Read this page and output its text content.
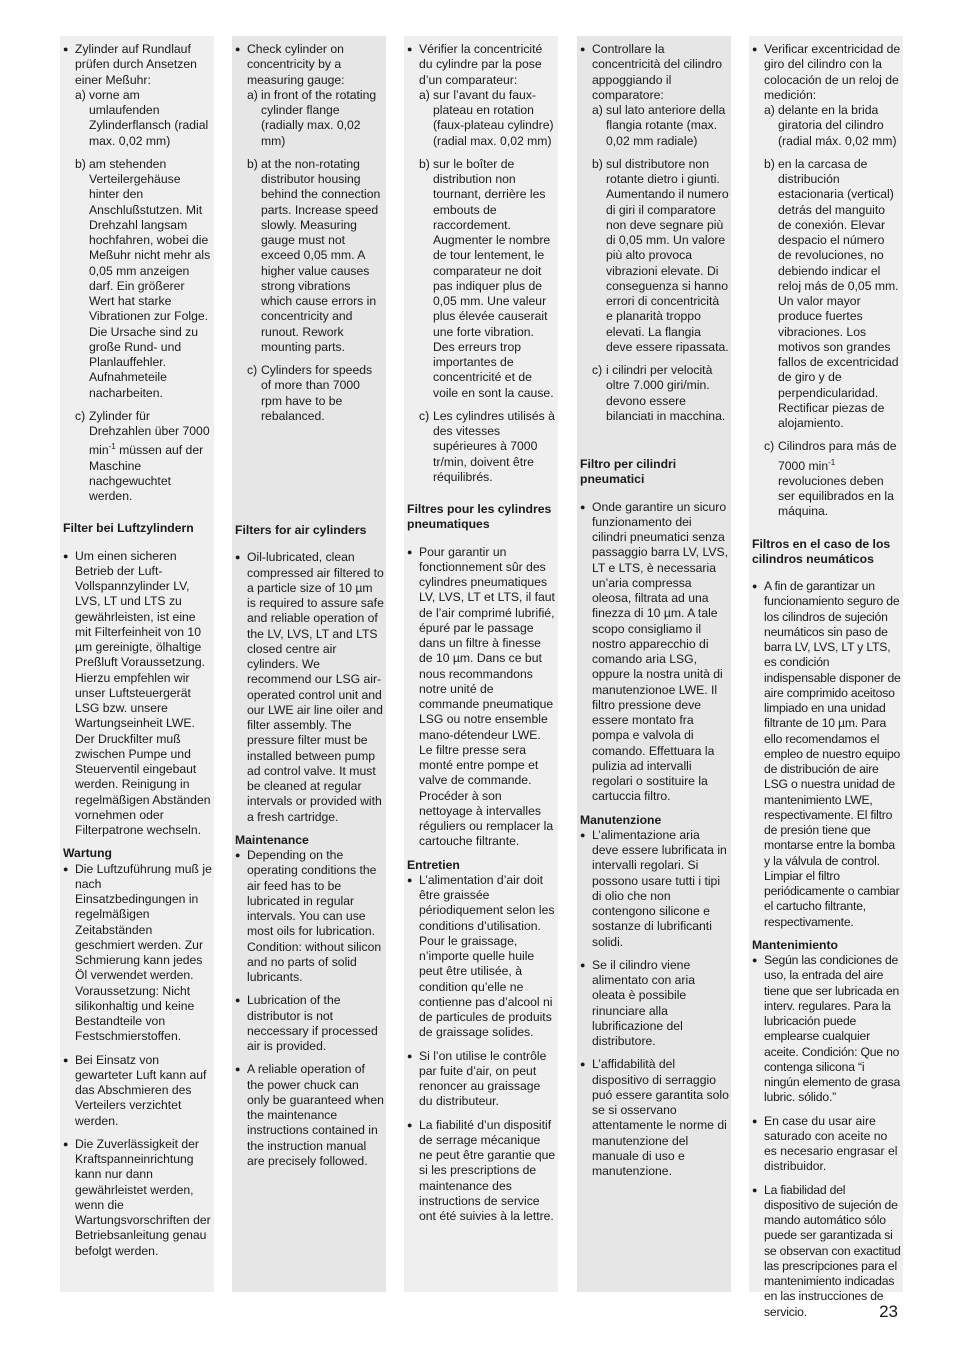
● Zylinder auf Rundlauf prüfen durch Ansetzen einer Meßuhr:
a) vorne am umlaufenden Zylinderflansch (radial max. 0,02 mm)
b) am stehenden Verteilergehäuse hinter den Anschlußstutzen. Mit Drehzahl langsam hochfahren, wobei die Meßuhr nicht mehr als 0,05 mm anzeigen darf. Ein größerer Wert hat starke Vibrationen zur Folge. Die Ursache sind zu große Rund- und Planlauffehler. Aufnahmeteile nacharbeiten.
c) Zylinder für Drehzahlen über 7000 $\min^{-1}$ müssen auf der Maschine nachgewuchtet werden.
Filter bei Luftzylindern
● Um einen sicheren Betrieb der Luft-Vollspannzylinder LV, LVS, LT und LTS zu gewährleisten, ist eine mit Filterfeinheit von 10 µm gereinigte, ölhaltige Preßluft Voraussetzung. Hierzu empfehlen wir unser Luftsteuergerät LSG bzw. unsere Wartungseinheit LWE. Der Druckfilter muß zwischen Pumpe und Steuerventil eingebaut werden. Reinigung in regelmäßigen Abständen vornehmen oder Filterpatrone wechseln.
Wartung
● Die Luftzuführung muß je nach Einsatzbedingungen in regelmäßigen Zeitabständen geschmiert werden. Zur Schmierung kann jedes Öl verwendet werden. Voraussetzung: Nicht silikonhaltig und keine Bestandteile von Festschmierstoffen.
● Bei Einsatz von gewarteter Luft kann auf das Abschmieren des Verteilers verzichtet werden.
● Die Zuverlässigkeit der Kraftspanneinrichtung kann nur dann gewährleistet werden, wenn die Wartungsvorschriften der Betriebsanleitung genau befolgt werden.
● Check cylinder on concentricity by a measuring gauge:
a) in front of the rotating cylinder flange (radially max. 0,02 mm)
b) at the non-rotating distributor housing behind the connection parts. Increase speed slowly. Measuring gauge must not exceed 0,05 mm. A higher value causes strong vibrations which cause errors in concentricity and runout. Rework mounting parts.
c) Cylinders for speeds of more than 7000 rpm have to be rebalanced.
Filters for air cylinders
● Oil-lubricated, clean compressed air filtered to a particle size of 10 µm is required to assure safe and reliable operation of the LV, LVS, LT and LTS closed centre air cylinders. We recommend our LSG air-operated control unit and our LWE air line oiler and filter assembly. The pressure filter must be installed between pump ad control valve. It must be cleaned at regular intervals or provided with a fresh cartridge.
Maintenance
● Depending on the operating conditions the air feed has to be lubricated in regular intervals. You can use most oils for lubrication. Condition: without silicon and no parts of solid lubricants.
● Lubrication of the distributor is not neccessary if processed air is provided.
● A reliable operation of the power chuck can only be guaranteed when the maintenance instructions contained in the instruction manual are precisely followed.
● Vérifier la concentricité du cylindre par la pose d’un comparateur:
a) sur l’avant du faux-plateau en rotation (faux-plateau cylindre) (radial max. 0,02 mm)
b) sur le boîter de distribution non tournant, derrière les embouts de raccordement. Augmenter le nombre de tour lentement, le comparateur ne doit pas indiquer plus de 0,05 mm. Une valeur plus élevée causerait une forte vibration. Des erreurs trop importantes de concentricité et de voile en sont la cause.
c) Les cylindres utilisés à des vitesses supérieures à 7000 tr/min, doivent être réquilibrés.
Filtres pour les cylindres pneumatiques
● Pour garantir un fonctionnement sûr des cylindres pneumatiques LV, LVS, LT et LTS, il faut de l’air comprimé lubrifié, épuré par le passage dans un filtre à finesse de 10 µm. Dans ce but nous recommandons notre unité de commande pneumatique LSG ou notre ensemble mano-détendeur LWE. Le filtre presse sera monté entre pompe et valve de commande. Procéder à son nettoyage à intervalles réguliers ou remplacer la cartouche filtrante.
Entretien
● L’alimentation d’air doit être graissée périodiquement selon les conditions d’utilisation. Pour le graissage, n’importe quelle huile peut être utilisée, à condition qu’elle ne contienne pas d’alcool ni de particules de produits de graissage solides.
● Si l’on utilise le contrôle par fuite d’air, on peut renoncer au graissage du distributeur.
● La fiabilité d’un dispositif de serrage mécanique ne peut être garantie que si les prescriptions de maintenance des instructions de service ont été suivies à la lettre.
● Controllare la concentricità del cilindro appoggiando il comparatore:
a) sul lato anteriore della flangia rotante (max. 0,02 mm radiale)
b) sul distributore non rotante dietro i giunti. Aumentando il numero di giri il comparatore non deve segnare più di 0,05 mm. Un valore più alto provoca vibrazioni elevate. Di conseguenza si hanno errori di concentricità e planarità troppo elevati. La flangia deve essere ripassata.
c) i cilindri per velocità oltre 7.000 giri/min. devono essere bilanciati in macchina.
Filtro per cilindri pneumatici
● Onde garantire un sicuro funzionamento dei cilindri pneumatici senza passaggio barra LV, LVS, LT e LTS, è necessaria un’aria compressa oleosa, filtrata ad una finezza di 10 µm. A tale scopo consigliamo il nostro apparecchio di comando aria LSG, oppure la nostra unità di manutenzionoe LWE. Il filtro pressione deve essere montato fra pompa e valvola di comando. Effettuara la pulizia ad intervalli regolari o sostituire la cartuccia filtro.
Manutenzione
● L’alimentazione aria deve essere lubrificata in intervalli regolari. Si possono usare tutti i tipi di olio che non contengono silicone e sostanze di lubrificanti solidi.
● Se il cilindro viene alimentato con aria oleata è possibile rinunciare alla lubrificazione del distributore.
● L’affidabilità del dispositivo di serraggio puó essere garantita solo se si osservano attentamente le norme di manutenzione del manuale di uso e manutenzione.
● Verificar excentricidad de giro del cilindro con la colocación de un reloj de medición:
a) delante en la brida giratoria del cilindro (radial máx. 0,02 mm)
b) en la carcasa de distribución estacionaria (vertical) detrás del manguito de conexión. Elevar despacio el número de revoluciones, no debiendo indicar el reloj más de 0,05 mm. Un valor mayor produce fuertes vibraciones. Los motivos son grandes fallos de excentricidad de giro y de perpendicularidad. Rectificar piezas de alojamiento.
c) Cilindros para más de 7000 $\min^{-1}$ revoluciones deben ser equilibrados en la máquina.
Filtros en el caso de los cilindros neumáticos
● A fin de garantizar un funcionamiento seguro de los cilindros de sujeción neumáticos sin paso de barra LV, LVS, LT y LTS, es condición indispensable disponer de aire comprimido aceitoso limpiado en una unidad filtrante de 10 µm. Para ello recomendamos el empleo de nuestro equipo de distribución de aire LSG o nuestra unidad de mantenimiento LWE, respectivamente. El filtro de presión tiene que montarse entre la bomba y la válvula de control. Limpiar el filtro periódicamente o cambiar el cartucho filtrante, respectivamente.
Mantenimiento
● Según las condiciones de uso, la entrada del aire tiene que ser lubricada en interv. regulares. Para la lubricación puede emplearse cualquier aceite. Condición: Que no contenga silicona “i ningún elemento de grasa lubric. sólido.”
● En case du usar aire saturado con aceite no es necesario engrasar el distribuidor.
● La fiabilidad del dispositivo de sujeción de mando automático sólo puede ser garantizada si se observan con exactitud las prescripciones para el mantenimiento indicadas en las instrucciones de servicio.	23
